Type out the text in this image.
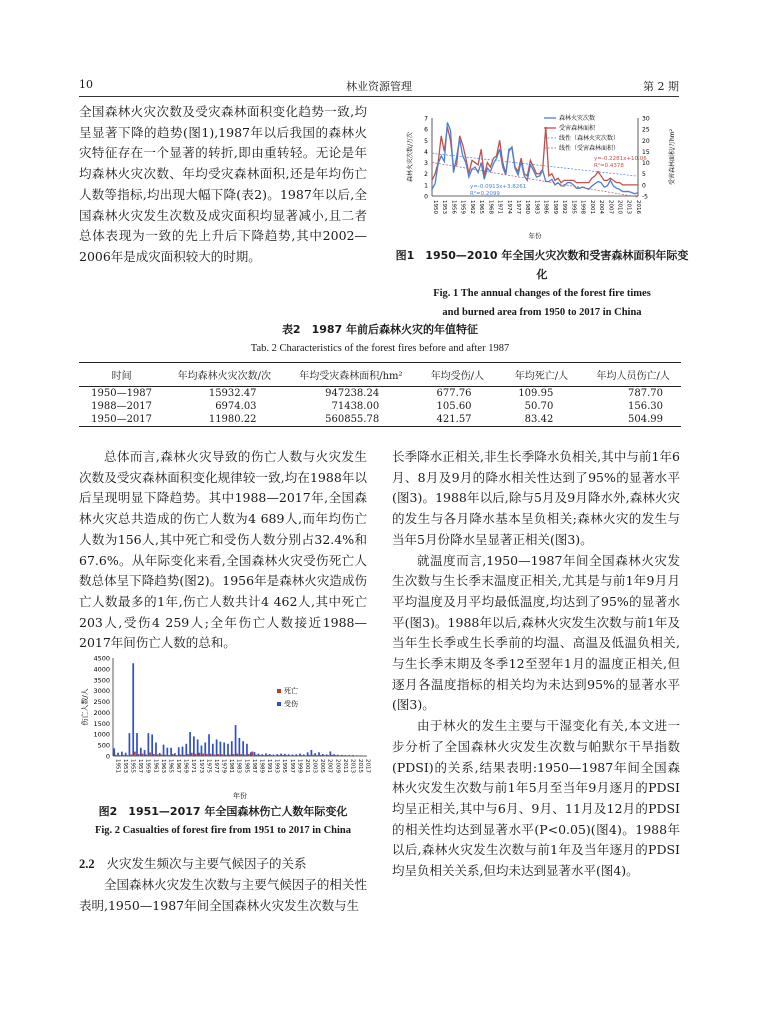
10	林业资源管理	第 2 期

全国森林火灾次数及受灾森林面积变化趋势一致,均呈显著下降的趋势(图1),1987年以后我国的森林火灾特征存在一个显著的转折,即由重转轻。无论是年均森林火灾次数、年均受灾森林面积,还是年均伤亡人数等指标,均出现大幅下降(表2)。1987年以后,全国森林火灾发生次数及成灾面积均显著减小,且二者总体表现为一致的先上升后下降趋势,其中2002—2006年是成灾面积较大的时期。

7
6
5
4
3
2
1
0
30
25
20
15
10
5
0
-5
1950 1953 1956 1959 1962 1965 1968 1971 1974 1977 1980 1983 1986 1989 1992 1995 1998 2001 2004 2007 2010 2013 2016
年份
森林火灾次数/万次	受害森林面积/万hm²
森林火灾次数
受害森林面积
线性（森林火灾次数）
线性（受害森林面积）
y=-0.2281x+10.06
R²=0.4378
y=-0.0913x+3.8261
R²=0.2099
图1　1950—2010 年全国火灾次数和受害森林面积年际变化
Fig. 1 The annual changes of the forest fire times
and burned area from 1950 to 2017 in China
表2　1987 年前后森林火灾的年值特征
Tab. 2 Characteristics of the forest fires before and after 1987
时间	年均森林火灾次数/次	年均受灾森林面积/hm²	年均受伤/人	年均死亡/人	年均人员伤亡/人
1950—1987	15932.47	947238.24	677.76	109.95	787.70
1988—2017	6974.03	71438.00	105.60	50.70	156.30
1950—2017	11980.22	560855.78	421.57	83.42	504.99

总体而言,森林火灾导致的伤亡人数与火灾发生次数及受灾森林面积变化规律较一致,均在1988年以后呈现明显下降趋势。其中1988—2017年,全国森林火灾总共造成的伤亡人数为4 689人,而年均伤亡人数为156人,其中死亡和受伤人数分别占32.4%和67.6%。从年际变化来看,全国森林火灾受伤死亡人数总体呈下降趋势(图2)。1956年是森林火灾造成伤亡人数最多的1年,伤亡人数共计4 462人,其中死亡203人,受伤4 259人;全年伤亡人数接近1988—2017年间伤亡人数的总和。

4500
4000
3500
3000
2500
2000
1500
1000
500
0
伤亡人数/人
1951 1953 1955 1957 1959 1961 1963 1965 1967 1969 1971 1973 1975 1977 1979 1981 1983 1985 1987 1989 1991 1993 1995 1997 1999 2001 2003 2005 2007 2009 2011 2013 2015 2017
年份
死亡
受伤
图2　1951—2017 年全国森林伤亡人数年际变化
Fig. 2 Casualties of forest fire from 1951 to 2017 in China
2.2 火灾发生频次与主要气候因子的关系

全国森林火灾发生次数与主要气候因子的相关性表明,1950—1987年间全国森林火灾发生次数与生

长季降水正相关,非生长季降水负相关,其中与前1年6月、8月及9月的降水相关性达到了95%的显著水平(图3)。1988年以后,除与5月及9月降水外,森林火灾的发生与各月降水基本呈负相关;森林火灾的发生与当年5月份降水呈显著正相关(图3)。

就温度而言,1950—1987年间全国森林火灾发生次数与生长季末温度正相关,尤其是与前1年9月月平均温度及月平均最低温度,均达到了95%的显著水平(图3)。1988年以后,森林火灾发生次数与前1年及当年生长季或生长季前的均温、高温及低温负相关,与生长季末期及冬季12至翌年1月的温度正相关,但逐月各温度指标的相关均为未达到95%的显著水平(图3)。

由于林火的发生主要与干湿变化有关,本文进一步分析了全国森林火灾发生次数与帕默尔干旱指数(PDSI)的关系,结果表明:1950—1987年间全国森林火灾发生次数与前1年5月至当年9月逐月的PDSI均呈正相关,其中与6月、9月、11月及12月的PDSI的相关性均达到显著水平(P<0.05)(图4)。1988年以后,森林火灾发生次数与前1年及当年逐月的PDSI均呈负相关关系,但均未达到显著水平(图4)。
